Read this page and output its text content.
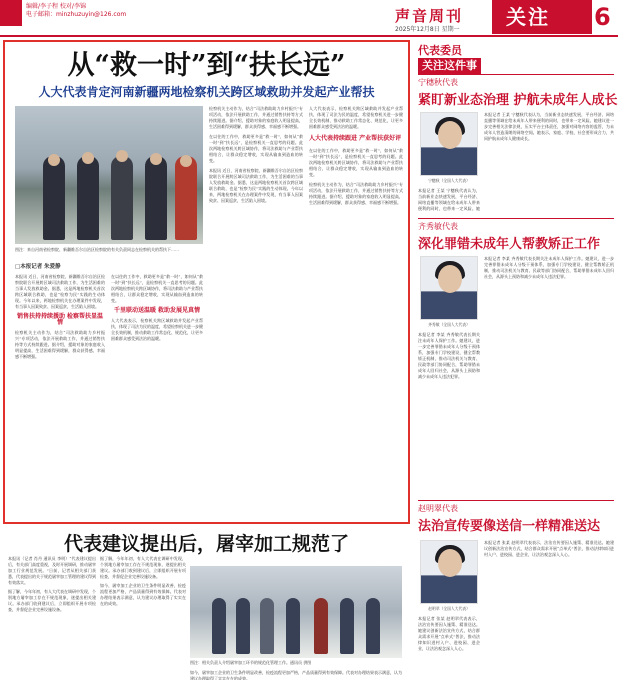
编辑/李子程 校对/李锦
电子邮箱：minzhuzuyin@126.com	声音周刊
2025年12月8日 星期一
关注	6
从“救一时”到“扶长远”
人大代表肯定河南新疆两地检察机关跨区域救助并发起产业帮扶
图注：来自河南省检察院、新疆维吾尔自治区检察院的有关负责同志在检察机关的帮扶下……
□本报记者 朱爱静
本报讯 近日，河南省检察院、新疆维吾尔自治区检察院联合开展跨区域司法救助工作，为生活困难的当事人发放救助金。据悉，这是两地检察机关首次跨区域联合救助，也是“检察为民”实践的生动体现。今年以来，两地检察机关在办理案件中发现，有当事人因案致贫、因案返贫，生活陷入困境。
销售扶持持续援助 检察帮扶显温情
检察机关主动作为，结合“司法救助助力乡村振兴”专项活动，依法开展救助工作，并通过销售扶持等方式持续跟进。据介绍，援助对象的家庭收入明显提高，生活困难得到缓解，群众获得感、幸福感不断增强。
在以往的工作中，救助更多是“救一时”，如何从“救一时”到“扶长远”，是检察机关一直思考的问题。此次两地检察机关跨区域协作，将司法救助与产业帮扶相结合，让群众稳定增收，实现从输血到造血的转变。
千里联动送温暖 救助发展见真情
人大代表表示，检察机关跨区域救助并发起产业帮扶，体现了司法为民的温度，希望检察机关进一步健全长效机制，推动救助工作常态化、规范化，让更多困难群众感受到法治的温暖。
检察机关主动作为，结合“司法救助助力乡村振兴”专项活动，依法开展救助工作，并通过销售扶持等方式持续跟进。据介绍，援助对象的家庭收入明显提高，生活困难得到缓解，群众获得感、幸福感不断增强。
在以往的工作中，救助更多是“救一时”，如何从“救一时”到“扶长远”，是检察机关一直思考的问题。此次两地检察机关跨区域协作，将司法救助与产业帮扶相结合，让群众稳定增收，实现从输血到造血的转变。
本报讯 近日，河南省检察院、新疆维吾尔自治区检察院联合开展跨区域司法救助工作，为生活困难的当事人发放救助金。据悉，这是两地检察机关首次跨区域联合救助，也是“检察为民”实践的生动体现。今年以来，两地检察机关在办理案件中发现，有当事人因案致贫、因案返贫，生活陷入困境。
人大代表表示，检察机关跨区域救助并发起产业帮扶，体现了司法为民的温度，希望检察机关进一步健全长效机制，推动救助工作常态化、规范化，让更多困难群众感受到法治的温暖。
人大代表持续跟进 产业帮扶获好评
在以往的工作中，救助更多是“救一时”，如何从“救一时”到“扶长远”，是检察机关一直思考的问题。此次两地检察机关跨区域协作，将司法救助与产业帮扶相结合，让群众稳定增收，实现从输血到造血的转变。
检察机关主动作为，结合“司法救助助力乡村振兴”专项活动，依法开展救助工作，并通过销售扶持等方式持续跟进。据介绍，援助对象的家庭收入明显提高，生活困难得到缓解，群众获得感、幸福感不断增强。
代表建议提出后，屠宰加工规范了
本报讯（记者 肖丹 通讯员 李明）“代表建议提出后，有关部门高度重视，及时开展调研，推动屠宰加工行业规范发展。”日前，记者从相关部门获悉，代表提出的关于规范屠宰加工管理的建议得到有效落实。
据了解，今年年初，有人大代表在调研中发现，个别地方屠宰加工存在不规范现象，遂提出相关建议。承办部门收到建议后，立即组织开展专项检查，并督促企业完善设施设备。
据了解，今年年初，有人大代表在调研中发现，个别地方屠宰加工存在不规范现象，遂提出相关建议。承办部门收到建议后，立即组织开展专项检查，并督促企业完善设施设备。
如今，屠宰加工企业的卫生条件明显改善，检疫流程更加严格，产品质量得到有效保障。代表对办理结果表示满意，认为建议办理取得了实实在在的成效。
图注：相关负责人介绍屠宰加工环节的规范化管理工作。通讯员 供图
如今，屠宰加工企业的卫生条件明显改善，检疫流程更加严格，产品质量得到有效保障。代表对办理结果表示满意，认为建议办理取得了实实在在的成效。
代表委员
关注这件事
宁穗秋代表
紧盯新业态治理 护航未成年人成长
宁穗秋（全国人大代表）
本报记者 王某 宁穗秋代表认为，当前新业态快速发展，平台经济、网络直播等领域在给未成年人带来便利的同时，也带来一定风险。她建议进一步完善相关法律法规，压实平台主体责任，加强对网络内容的监管，为未成年人营造清朗的网络空间。她表示，家庭、学校、社会要形成合力，共同护航未成年人健康成长。
本报记者 王某 宁穗秋代表认为，当前新业态快速发展，平台经济、网络直播等领域在给未成年人带来便利的同时，也带来一定风险。她
齐秀敏代表
深化罪错未成年人帮教矫正工作
齐秀敏（全国人大代表）
本报记者 李某 齐秀敏代表长期关注未成年人保护工作。她建议，进一步完善罪错未成年人分级干预体系，加强专门学校建设，健全帮教矫正机制，推动司法机关与教育、民政等部门协同配合，帮助罪错未成年人回归社会，从源头上预防和减少未成年人违法犯罪。
本报记者 李某 齐秀敏代表长期关注未成年人保护工作。她建议，进一步完善罪错未成年人分级干预体系，加强专门学校建设，健全帮教矫正机制，推动司法机关与教育、民政等部门协同配合，帮助罪错未成年人回归社会，从源头上预防和减少未成年人违法犯罪。
赵明翠代表
法治宣传要像送信一样精准送达
赵明翠（全国人大代表）
本报记者 张某 赵明翠代表表示，法治宣传要因人施策、精准送达。她建议创新法治宣传方式，结合群众需求开展“点单式”普法，推动法律知识进村入户、进校园、进企业，让法治观念深入人心。
本报记者 张某 赵明翠代表表示，法治宣传要因人施策、精准送达。她建议创新法治宣传方式，结合群众需求开展“点单式”普法，推动法律知识进村入户、进校园、进企业，让法治观念深入人心。
